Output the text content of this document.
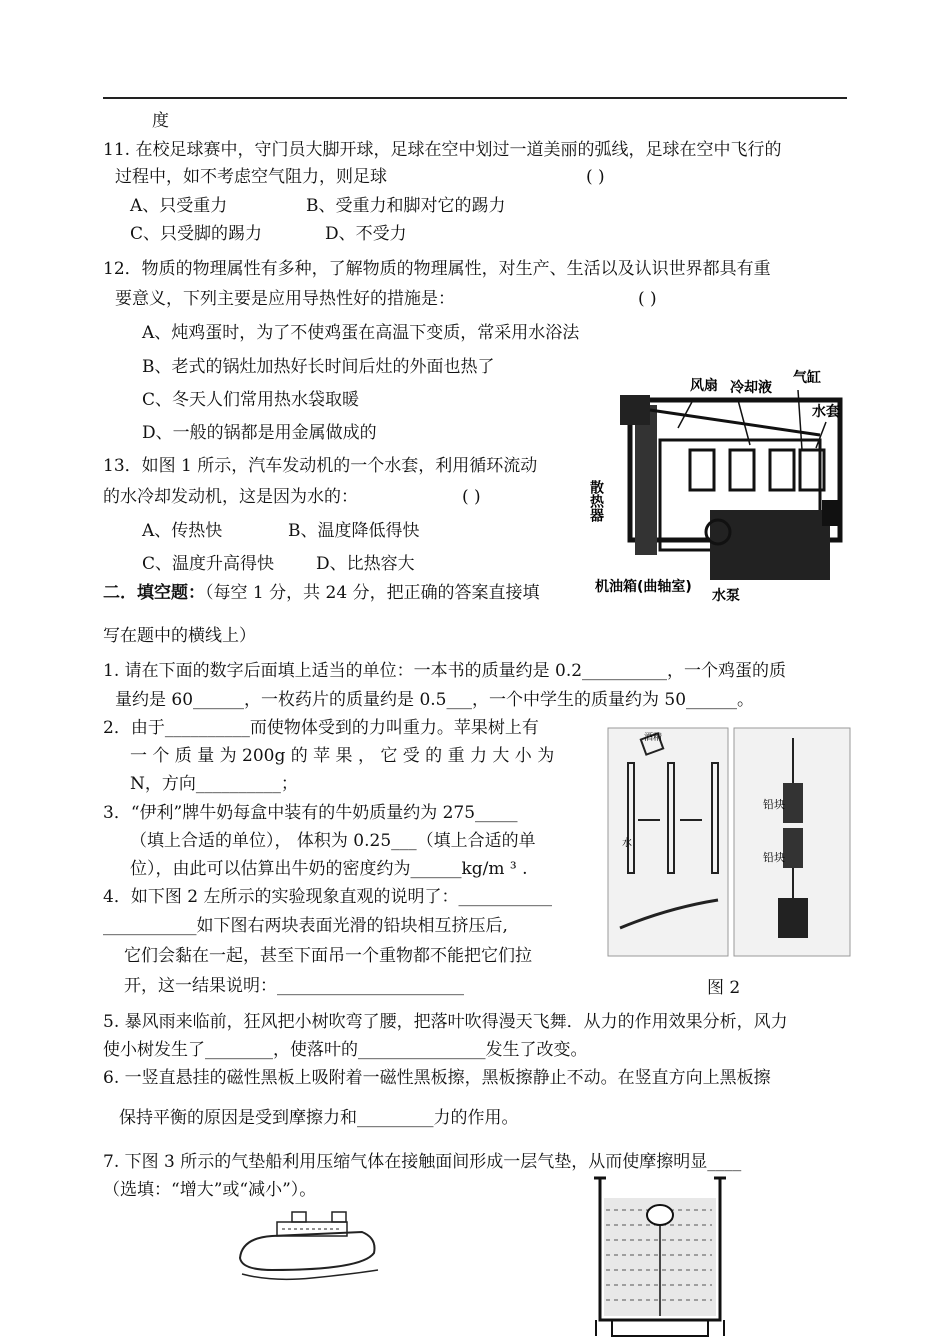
度
11. 在校足球赛中，守门员大脚开球，足球在空中划过一道美丽的弧线，足球在空中飞行的
过程中，如不考虑空气阻力，则足球	( )
A、只受重力	B、受重力和脚对它的踢力
C、只受脚的踢力	D、不受力
12．物质的物理属性有多种，了解物质的物理属性，对生产、生活以及认识世界都具有重
要意义，下列主要是应用导热性好的措施是：	( )
A、炖鸡蛋时，为了不使鸡蛋在高温下变质，常采用水浴法
B、老式的锅灶加热好长时间后灶的外面也热了
C、冬天人们常用热水袋取暖
D、一般的锅都是用金属做成的
13．如图 1 所示，汽车发动机的一个水套，利用循环流动
的水冷却发动机，这是因为水的：	( )
A、传热快	B、温度降低得快
C、温度升高得快 D、比热容大
风扇 冷却液
气缸
水套
散热器
机油箱(曲轴室)
水泵
二．填空题：（每空 1 分，共 24 分，把正确的答案直接填
写在题中的横线上）
1. 请在下面的数字后面填上适当的单位：一本书的质量约是 0.2__________，一个鸡蛋的质
量约是 60______，一枚药片的质量约是 0.5___，一个中学生的质量约为 50______。
2．由于__________而使物体受到的力叫重力。苹果树上有
一 个 质 量 为 200g 的 苹 果 ， 它 受 的 重 力 大 小 为
N，方向__________；
3．“伊利”牌牛奶每盒中装有的牛奶质量约为 275_____
（填上合适的单位）， 体积为 0.25___（填上合适的单
位），由此可以估算出牛奶的密度约为______kg/m ³ .
4．如下图 2 左所示的实验现象直观的说明了：___________
___________如下图右两块表面光滑的铅块相互挤压后,
它们会黏在一起，甚至下面吊一个重物都不能把它们拉
开，这一结果说明：______________________
铅块
铅块
酒精
水
图 2
5. 暴风雨来临前，狂风把小树吹弯了腰，把落叶吹得漫天飞舞．从力的作用效果分析，风力
使小树发生了________，使落叶的_______________发生了改变。
6. 一竖直悬挂的磁性黑板上吸附着一磁性黑板擦，黑板擦静止不动。在竖直方向上黑板擦
保持平衡的原因是受到摩擦力和_________力的作用。
7. 下图 3 所示的气垫船利用压缩气体在接触面间形成一层气垫，从而使摩擦明显____
（选填：“增大”或“减小”）。
